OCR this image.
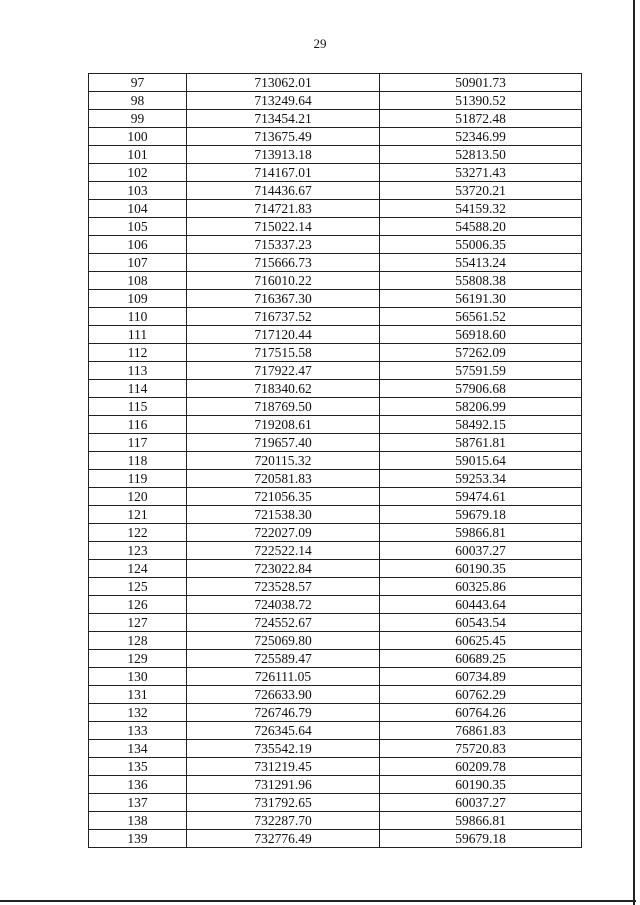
29
97	713062.01	50901.73
98	713249.64	51390.52
99	713454.21	51872.48
100	713675.49	52346.99
101	713913.18	52813.50
102	714167.01	53271.43
103	714436.67	53720.21
104	714721.83	54159.32
105	715022.14	54588.20
106	715337.23	55006.35
107	715666.73	55413.24
108	716010.22	55808.38
109	716367.30	56191.30
110	716737.52	56561.52
111	717120.44	56918.60
112	717515.58	57262.09
113	717922.47	57591.59
114	718340.62	57906.68
115	718769.50	58206.99
116	719208.61	58492.15
117	719657.40	58761.81
118	720115.32	59015.64
119	720581.83	59253.34
120	721056.35	59474.61
121	721538.30	59679.18
122	722027.09	59866.81
123	722522.14	60037.27
124	723022.84	60190.35
125	723528.57	60325.86
126	724038.72	60443.64
127	724552.67	60543.54
128	725069.80	60625.45
129	725589.47	60689.25
130	726111.05	60734.89
131	726633.90	60762.29
132	726746.79	60764.26
133	726345.64	76861.83
134	735542.19	75720.83
135	731219.45	60209.78
136	731291.96	60190.35
137	731792.65	60037.27
138	732287.70	59866.81
139	732776.49	59679.18
